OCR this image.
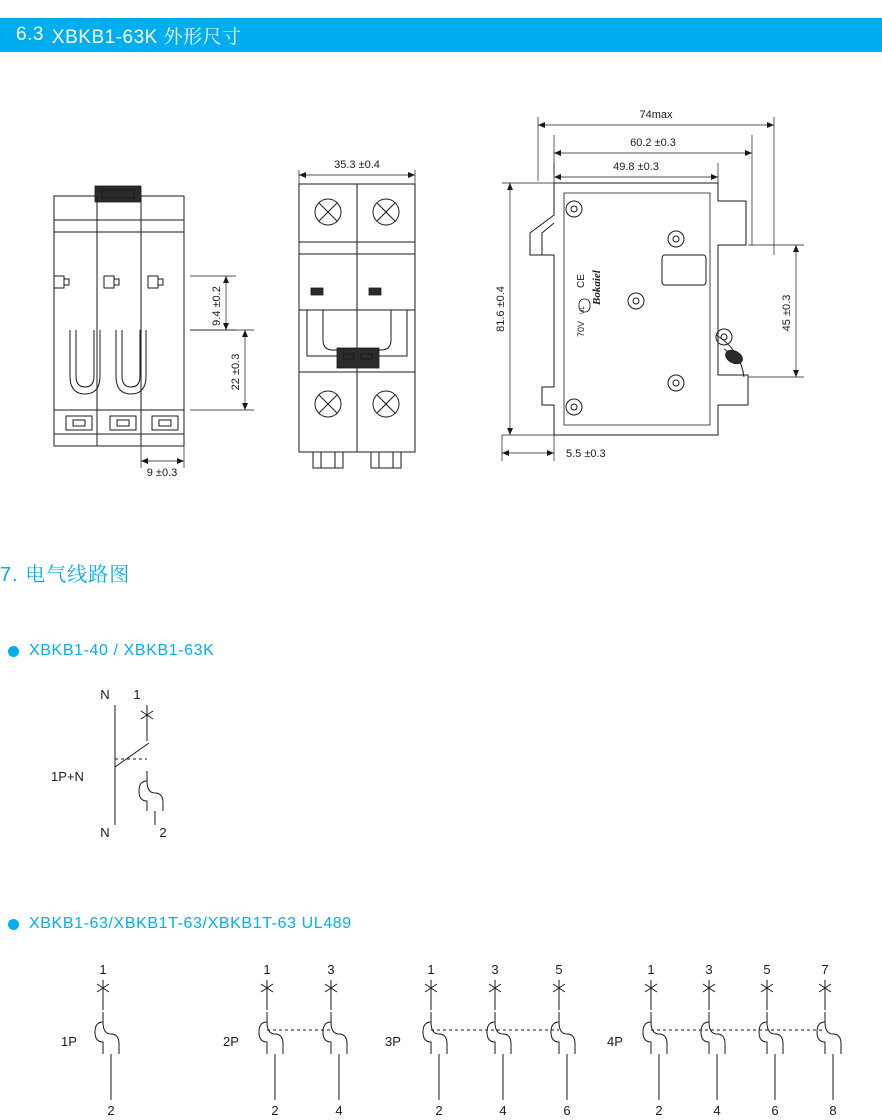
6.3 XBKB1-63K 外形尺寸
9.4 ±0.2
22 ±0.3
9 ±0.3
35.3 ±0.4
74max
60.2 ±0.3
49.8 ±0.3
Bokaiel
CE
UL
70V
81.6 ±0.4	45 ±0.3
5.5 ±0.3
7. 电气线路图
XBKB1-40 / XBKB1-63K
N 1
N	2
1P+N
XBKB1-63/XBKB1T-63/XBKB1T-63 UL489
1P
1
2
2P
1
2
3
4
3P
1
2
3
4
5
6
4P
1
2
3
4
5
6
7
8
